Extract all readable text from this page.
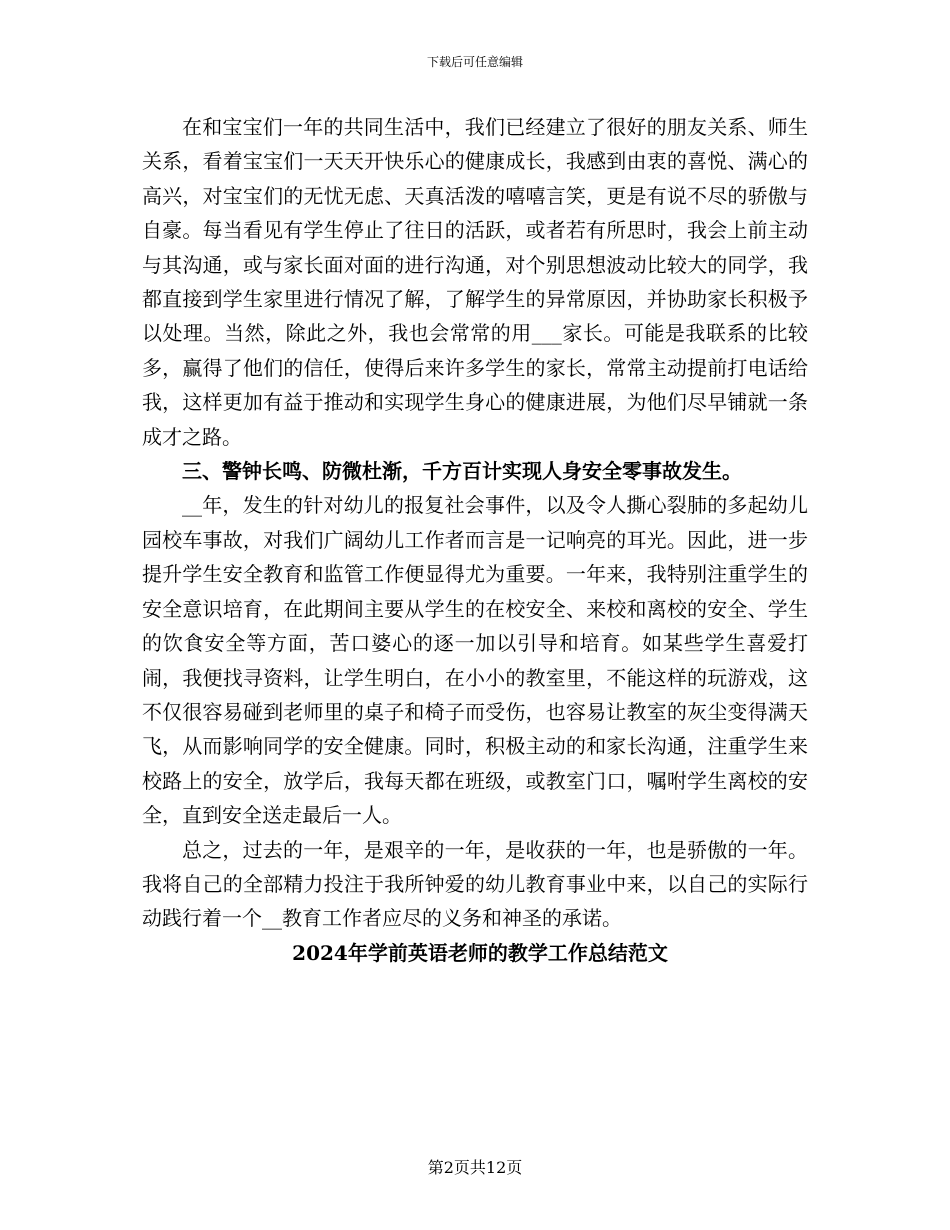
下载后可任意编辑

在和宝宝们一年的共同生活中，我们已经建立了很好的朋友关系、师生关系，看着宝宝们一天天开快乐心的健康成长，我感到由衷的喜悦、满心的高兴，对宝宝们的无忧无虑、天真活泼的嘻嘻言笑，更是有说不尽的骄傲与自豪。每当看见有学生停止了往日的活跃，或者若有所思时，我会上前主动与其沟通，或与家长面对面的进行沟通，对个别思想波动比较大的同学，我都直接到学生家里进行情况了解，了解学生的异常原因，并协助家长积极予以处理。当然，除此之外，我也会常常的用___家长。可能是我联系的比较多，赢得了他们的信任，使得后来许多学生的家长，常常主动提前打电话给我，这样更加有益于推动和实现学生身心的健康进展，为他们尽早铺就一条成才之路。

三、警钟长鸣、防微杜渐，千方百计实现人身安全零事故发生。

__年，发生的针对幼儿的报复社会事件，以及令人撕心裂肺的多起幼儿园校车事故，对我们广阔幼儿工作者而言是一记响亮的耳光。因此，进一步提升学生安全教育和监管工作便显得尤为重要。一年来，我特别注重学生的安全意识培育，在此期间主要从学生的在校安全、来校和离校的安全、学生的饮食安全等方面，苦口婆心的逐一加以引导和培育。如某些学生喜爱打闹，我便找寻资料，让学生明白，在小小的教室里，不能这样的玩游戏，这不仅很容易碰到老师里的桌子和椅子而受伤，也容易让教室的灰尘变得满天飞，从而影响同学的安全健康。同时，积极主动的和家长沟通，注重学生来校路上的安全，放学后，我每天都在班级，或教室门口，嘱咐学生离校的安全，直到安全送走最后一人。

总之，过去的一年，是艰辛的一年，是收获的一年，也是骄傲的一年。我将自己的全部精力投注于我所钟爱的幼儿教育事业中来，以自己的实际行动践行着一个__教育工作者应尽的义务和神圣的承诺。

2024年学前英语老师的教学工作总结范文

第2页共12页
